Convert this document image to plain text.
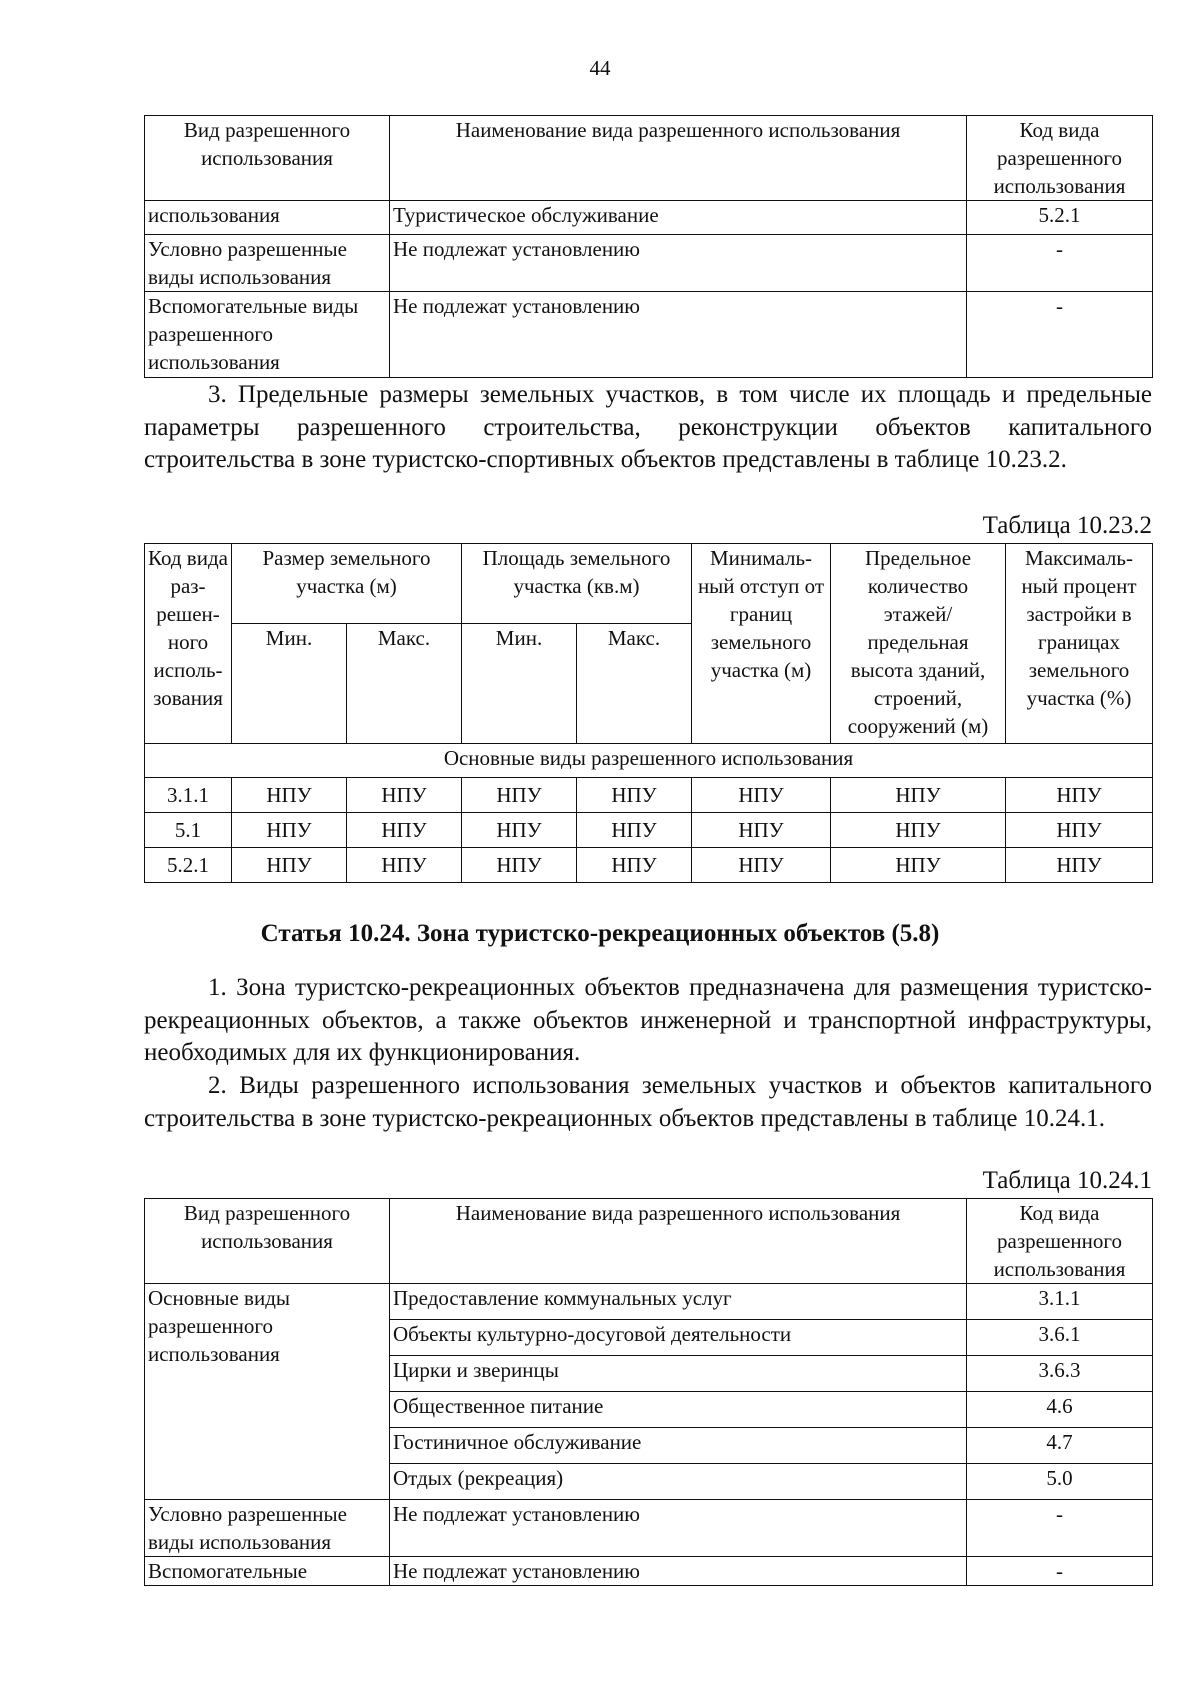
44
Вид разрешенного использования	Наименование вида разрешенного использования	Код вида разрешенного использования
использования	Туристическое обслуживание	5.2.1
Условно разрешенные виды использования	Не подлежат установлению	-
Вспомогательные виды разрешенного использования	Не подлежат установлению	-
3. Предельные размеры земельных участков, в том числе их площадь и предельные параметры разрешенного строительства, реконструкции объектов капитального строительства в зоне туристско-спортивных объектов представлены в таблице 10.23.2.
Таблица 10.23.2
Код вида раз- решен- ного исполь- зования	Размер земельного участка (м)		Площадь земельного участка (кв.м)		Минималь- ный отступ от границ земельного участка (м)	Предельное количество этажей/ предельная высота зданий, строений, сооружений (м)	Максималь- ный процент застройки в границах земельного участка (%)
	Мин.	Макс.	Мин.	Макс.			
Основные виды разрешенного использования							
3.1.1	НПУ	НПУ	НПУ	НПУ	НПУ	НПУ	НПУ
5.1	НПУ	НПУ	НПУ	НПУ	НПУ	НПУ	НПУ
5.2.1	НПУ	НПУ	НПУ	НПУ	НПУ	НПУ	НПУ
Статья 10.24. Зона туристско-рекреационных объектов (5.8)
1. Зона туристско-рекреационных объектов предназначена для размещения туристско-рекреационных объектов, а также объектов инженерной и транспортной инфраструктуры, необходимых для их функционирования.
2. Виды разрешенного использования земельных участков и объектов капитального строительства в зоне туристско-рекреационных объектов представлены в таблице 10.24.1.
Таблица 10.24.1
Вид разрешенного использования	Наименование вида разрешенного использования	Код вида разрешенного использования
Основные виды разрешенного использования	Предоставление коммунальных услуг	3.1.1
	Объекты культурно-досуговой деятельности	3.6.1
	Цирки и зверинцы	3.6.3
	Общественное питание	4.6
	Гостиничное обслуживание	4.7
	Отдых (рекреация)	5.0
Условно разрешенные виды использования	Не подлежат установлению	-
Вспомогательные	Не подлежат установлению	-
